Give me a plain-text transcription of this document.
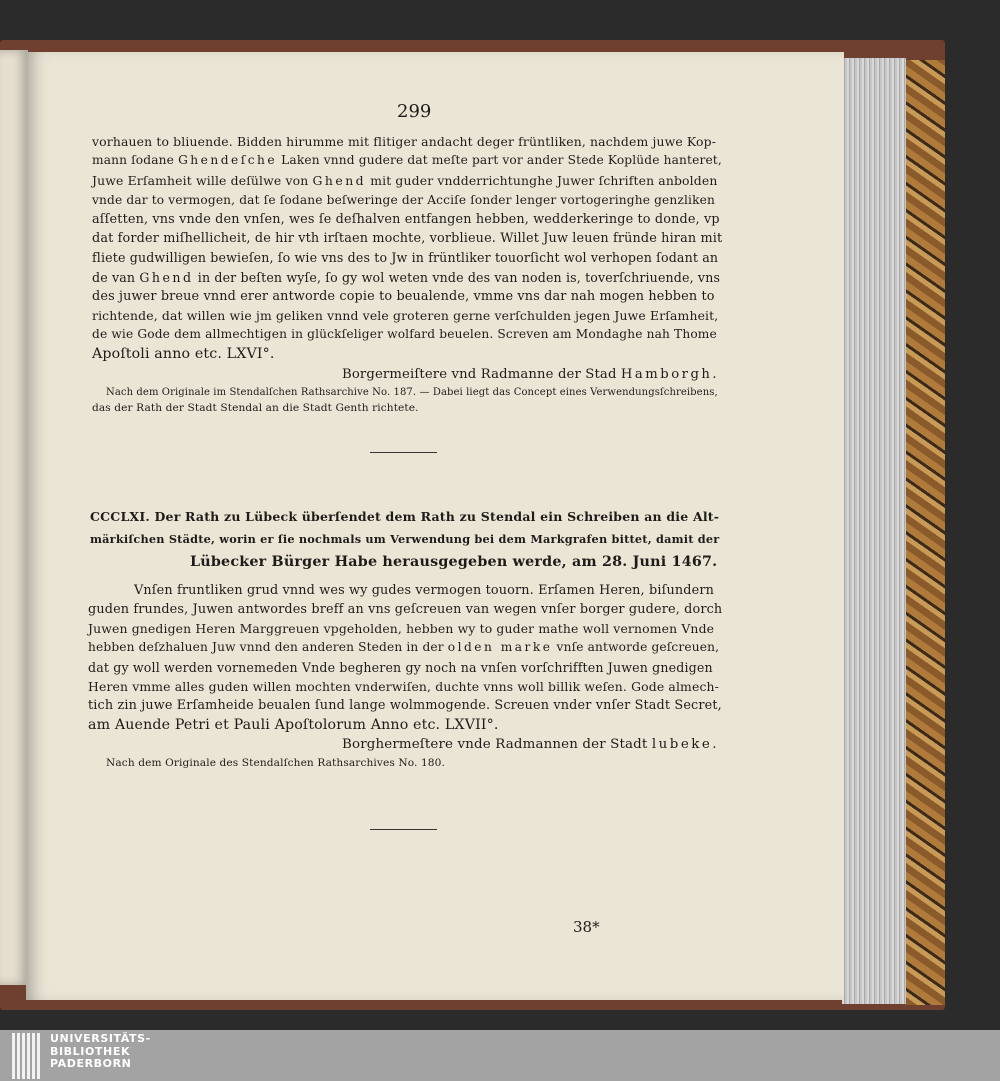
299
vorhauen to bliuende. Bidden hirumme mit flitiger andacht deger früntliken, nachdem juwe Kop-
mann ſodane Ghendeſche Laken vnnd gudere dat meſte part vor ander Stede Koplüde hanteret,
Juwe Erſamheit wille deſülwe von Ghend mit guder vndderrichtunghe Juwer ſchriften anbolden
vnde dar to vermogen, dat ſe ſodane beſweringe der Acciſe ſonder lenger vortogeringhe genzliken
aſſetten, vns vnde den vnſen, wes ſe deſhalven entfangen hebben, wedderkeringe to donde, vp
dat forder miſhellicheit, de hir vth irſtaen mochte, vorblieue. Willet Juw leuen fründe hiran mit
fliete gudwilligen bewieſen, ſo wie vns des to Jw in früntliker touorſicht wol verhopen ſodant an
de van Ghend in der beſten wyſe, ſo gy wol weten vnde des van noden is, toverſchriuende, vns
des juwer breue vnnd erer antworde copie to beualende, vmme vns dar nah mogen hebben to
richtende, dat willen wie jm geliken vnnd vele groteren gerne verſchulden jegen Juwe Erſamheit,
de wie Gode dem allmechtigen in glückſeliger wolfard beuelen. Screven am Mondaghe nah Thome
Apoſtoli anno etc. LXVI°.
Borgermeiſtere vnd Radmanne der Stad Hamborgh.
Nach dem Originale im Stendalſchen Rathsarchive No. 187. — Dabei liegt das Concept eines Verwendungsſchreibens,
das der Rath der Stadt Stendal an die Stadt Genth richtete.
CCCLXI. Der Rath zu Lübeck überſendet dem Rath zu Stendal ein Schreiben an die Alt-
märkiſchen Städte, worin er ſie nochmals um Verwendung bei dem Markgrafen bittet, damit der
Lübecker Bürger Habe herausgegeben werde, am 28. Juni 1467.
Vnſen fruntliken grud vnnd wes wy gudes vermogen touorn. Erſamen Heren, biſundern
guden frundes, Juwen antwordes breff an vns geſcreuen van wegen vnſer borger gudere, dorch
Juwen gnedigen Heren Marggreuen vpgeholden, hebben wy to guder mathe woll vernomen Vnde
hebben deſzhaluen Juw vnnd den anderen Steden in der olden marke vnſe antworde geſcreuen,
dat gy woll werden vornemeden Vnde begheren gy noch na vnſen vorſchrifften Juwen gnedigen
Heren vmme alles guden willen mochten vnderwiſen, duchte vnns woll billik weſen. Gode almech-
tich zin juwe Erſamheide beualen ſund lange wolmmogende. Screuen vnder vnſer Stadt Secret,
am Auende Petri et Pauli Apoſtolorum Anno etc. LXVII°.
Borghermeſtere vnde Radmannen der Stadt lubeke.
Nach dem Originale des Stendalſchen Rathsarchives No. 180.
38*
UNIVERSITÄTS-
BIBLIOTHEK
PADERBORN
